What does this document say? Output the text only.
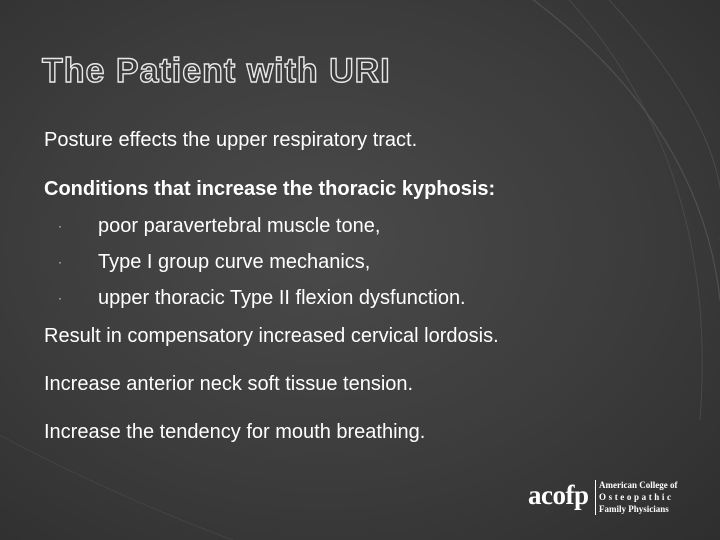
The Patient with URI

Posture effects the upper respiratory tract.

Conditions that increase the thoracic kyphosis:

· poor paravertebral muscle tone,
· Type I group curve mechanics,
· upper thoracic Type II flexion dysfunction.

Result in compensatory increased cervical lordosis.

Increase anterior neck soft tissue tension.

Increase the tendency for mouth breathing.

acofp American College of
Osteopathic
Family Physicians
